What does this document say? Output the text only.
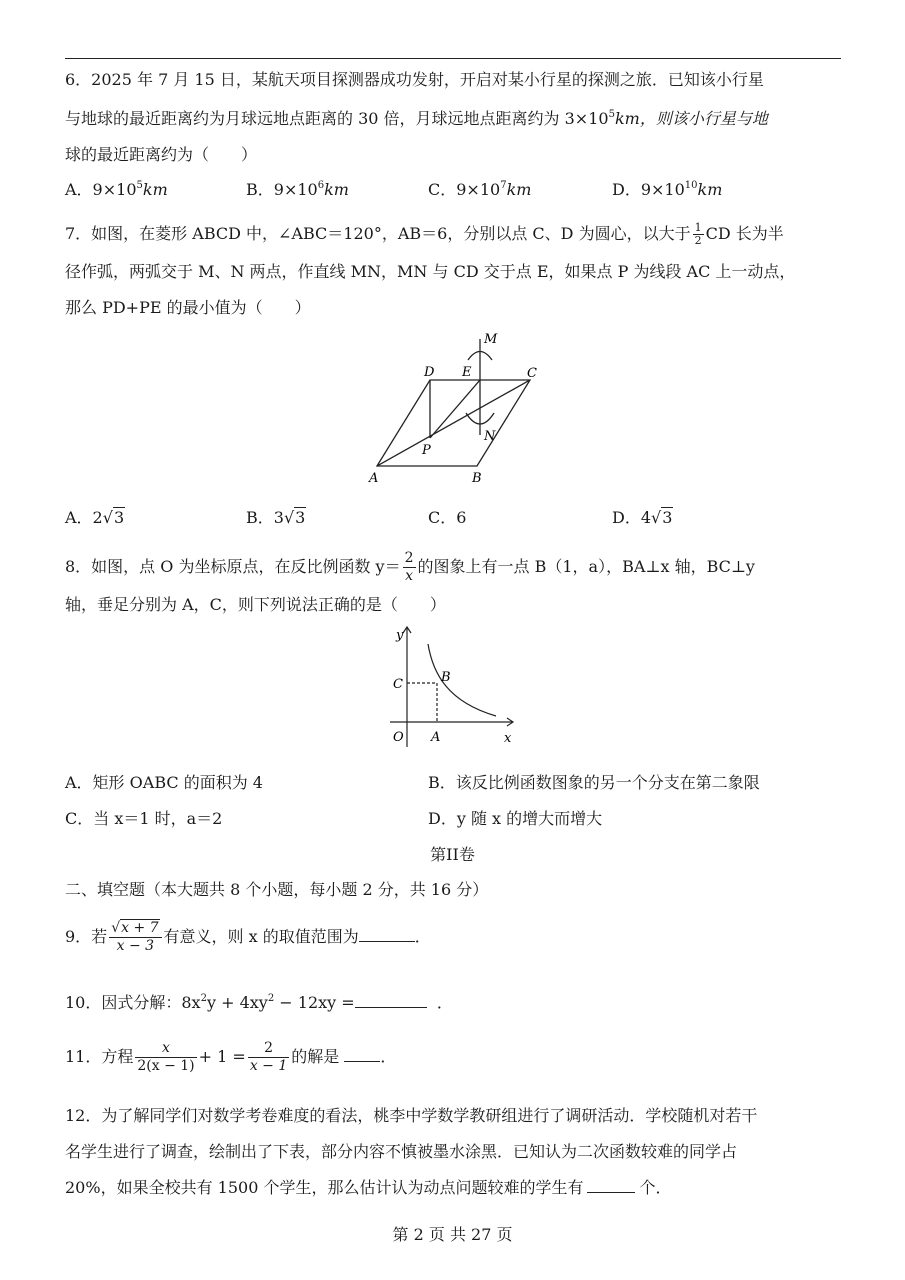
6．2025 年 7 月 15 日，某航天项目探测器成功发射，开启对某小行星的探测之旅．已知该小行星
与地球的最近距离约为月球远地点距离的 30 倍，月球远地点距离约为 $3\times 10^5km$，则该小行星与地
球的最近距离约为（　　）
A．$9\times 10^5km$	B．$9\times 10^6km$	C．$9\times 10^7km$	D．$9\times 10^{10}km$
7．如图，在菱形 ABCD 中，∠ABC＝120°，AB＝6，分别以点 C、D 为圆心，以大于 $\frac{1}{2}$ CD 长为半
径作弧，两弧交于 M、N 两点，作直线 MN，MN 与 CD 交于点 E，如果点 P 为线段 AC 上一动点，
那么 PD+PE 的最小值为（　　）
M
D E	C
P
N
A	B
A．2√3	B．3√3	C．6	D．4√3
8．如图，点 O 为坐标原点，在反比例函数 $y= \frac{2}{x}$ 的图象上有一点 B（1，a），BA⊥x 轴，BC⊥y
轴，垂足分别为 A，C，则下列说法正确的是（　　）
y
x
O A
B
C
A．矩形 OABC 的面积为 4	B．该反比例函数图象的另一个分支在第二象限
C．当 x＝1 时，a＝2	D．y 随 x 的增大而增大
第II卷
二、填空题（本大题共 8 个小题，每小题 2 分，共 16 分）
9．若 $\frac{√x + 7}{x - 3}$ 有意义，则 x 的取值范围为	．
10．因式分解：$8x^2y + 4xy^2 - 12xy$ =	．
11．方程 $\frac{x}{2(x - 1)} + 1 = \frac{2}{x - 1}$ 的解是	．
12．为了解同学们对数学考卷难度的看法，桃李中学数学教研组进行了调研活动．学校随机对若干
名学生进行了调查，绘制出了下表，部分内容不慎被墨水涂黑．已知认为二次函数较难的同学占
20%，如果全校共有 1500 个学生，那么估计认为动点问题较难的学生有	个．
第 2 页 共 27 页
